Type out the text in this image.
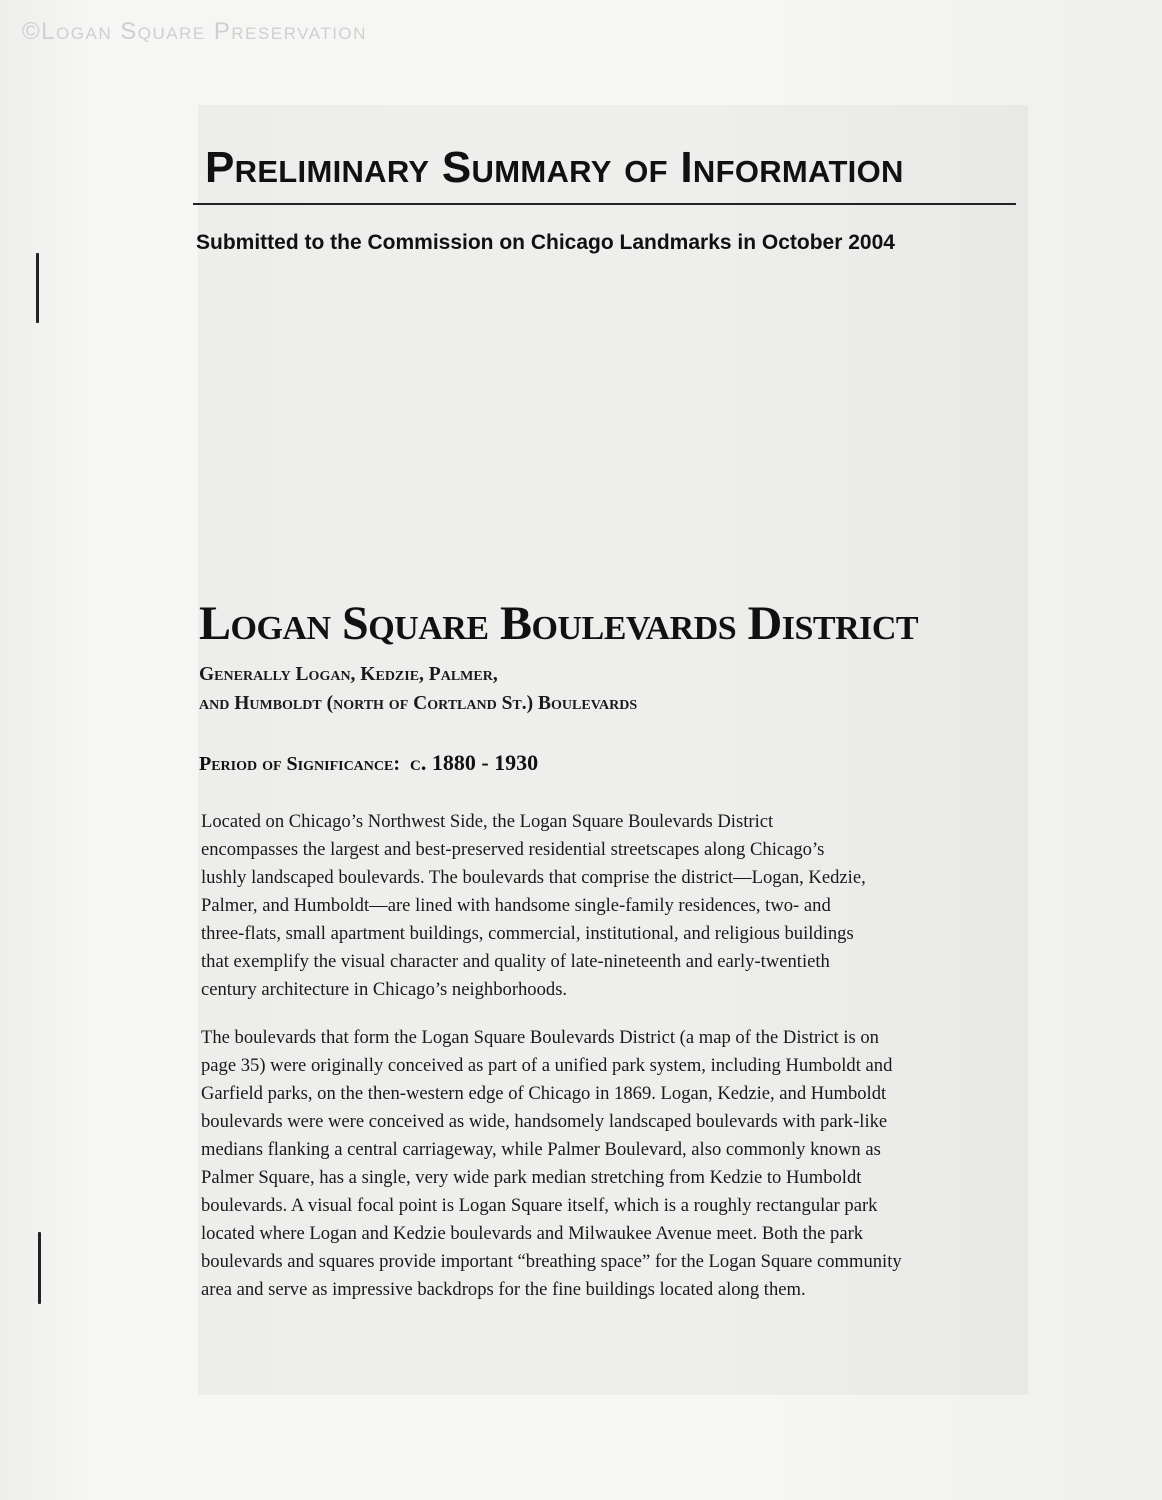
©Logan Square Preservation
Preliminary Summary of Information
Submitted to the Commission on Chicago Landmarks in October 2004
Logan Square Boulevards District
Generally Logan, Kedzie, Palmer,
and Humboldt (north of Cortland St.) Boulevards
Period of Significance: c. 1880 - 1930

Located on Chicago’s Northwest Side, the Logan Square Boulevards District
encompasses the largest and best-preserved residential streetscapes along Chicago’s
lushly landscaped boulevards. The boulevards that comprise the district—Logan, Kedzie,
Palmer, and Humboldt—are lined with handsome single-family residences, two- and
three-flats, small apartment buildings, commercial, institutional, and religious buildings
that exemplify the visual character and quality of late-nineteenth and early-twentieth
century architecture in Chicago’s neighborhoods.

The boulevards that form the Logan Square Boulevards District (a map of the District is on
page 35) were originally conceived as part of a unified park system, including Humboldt and
Garfield parks, on the then-western edge of Chicago in 1869. Logan, Kedzie, and Humboldt
boulevards were were conceived as wide, handsomely landscaped boulevards with park-like
medians flanking a central carriageway, while Palmer Boulevard, also commonly known as
Palmer Square, has a single, very wide park median stretching from Kedzie to Humboldt
boulevards. A visual focal point is Logan Square itself, which is a roughly rectangular park
located where Logan and Kedzie boulevards and Milwaukee Avenue meet. Both the park
boulevards and squares provide important “breathing space” for the Logan Square community
area and serve as impressive backdrops for the fine buildings located along them.
